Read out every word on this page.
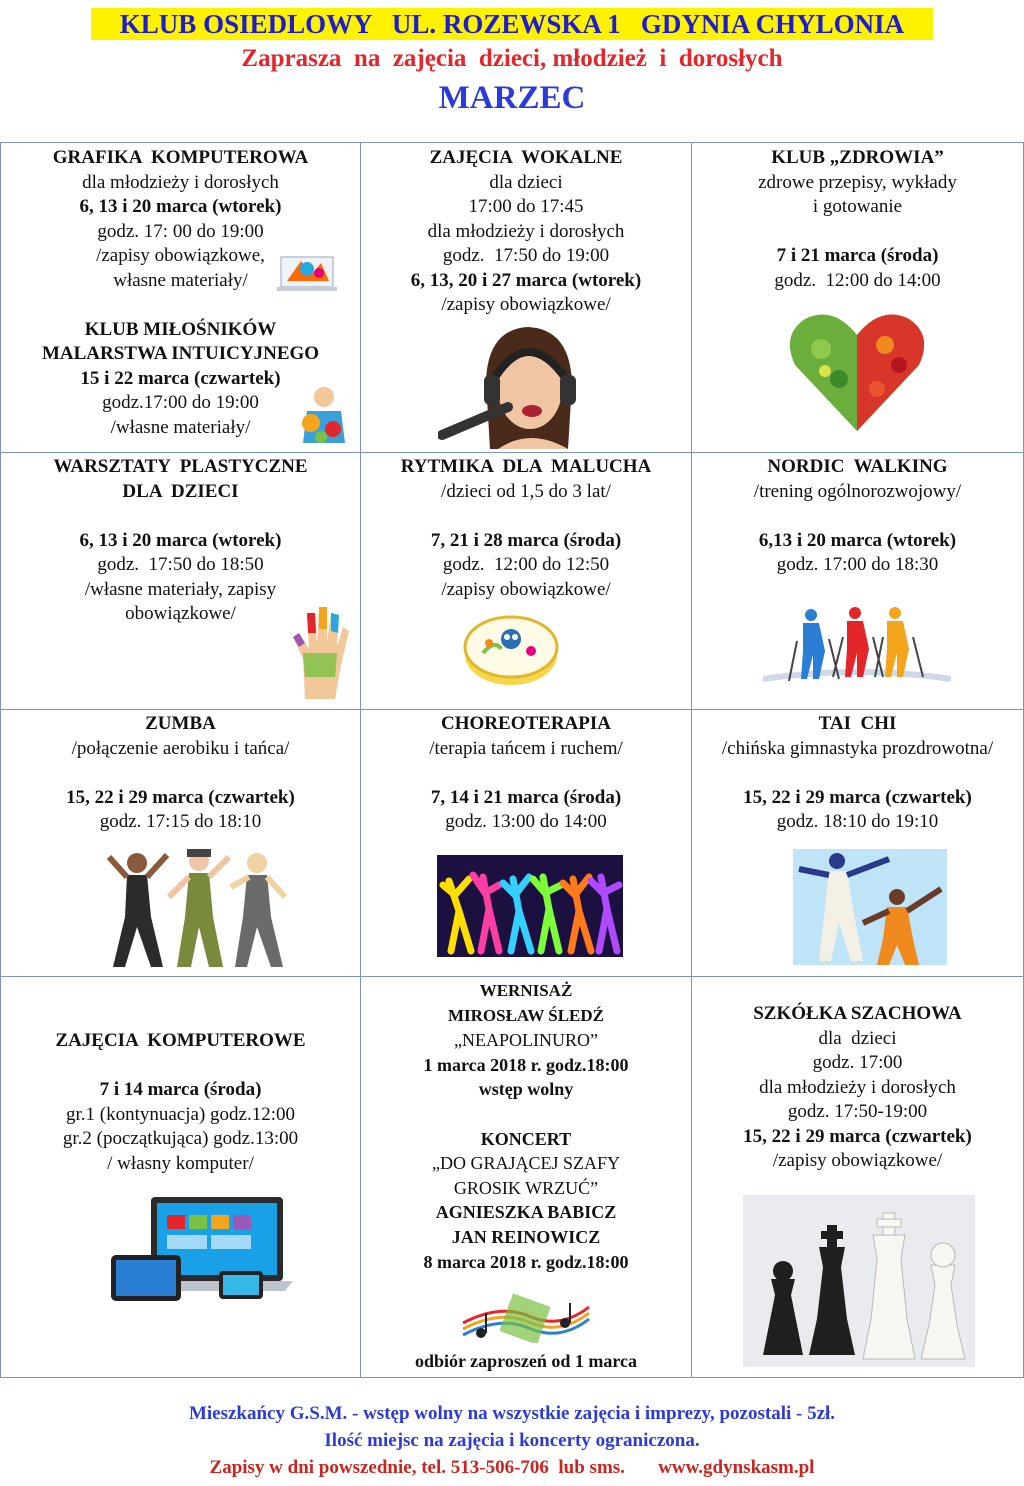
KLUB OSIEDLOWY   UL. ROZEWSKA 1   GDYNIA CHYLONIA
Zaprasza  na  zajęcia  dzieci, młodzież  i  dorosłych
MARZEC
GRAFIKA  KOMPUTEROWA
dla młodzieży i dorosłych
6, 13 i 20 marca (wtorek)
godz. 17: 00 do 19:00
/zapisy obowiązkowe,
własne materiały/

KLUB MIŁOŚNIKÓW
MALARSTWA INTUICYJNEGO
15 i 22 marca (czwartek)
godz.17:00 do 19:00
/własne materiały/
ZAJĘCIA  WOKALNE
dla dzieci
17:00 do 17:45
dla młodzieży i dorosłych
godz.  17:50 do 19:00
6, 13, 20 i 27 marca (wtorek)
/zapisy obowiązkowe/
KLUB „ZDROWIA”
zdrowe przepisy, wykłady
i gotowanie

7 i 21 marca (środa)
godz.  12:00 do 14:00
WARSZTATY  PLASTYCZNE
DLA  DZIECI

6, 13 i 20 marca (wtorek)
godz.  17:50 do 18:50
/własne materiały, zapisy
obowiązkowe/
RYTMIKA  DLA  MALUCHA
/dzieci od 1,5 do 3 lat/

7, 21 i 28 marca (środa)
godz.  12:00 do 12:50
/zapisy obowiązkowe/
NORDIC  WALKING
/trening ogólnorozwojowy/

6,13 i 20 marca (wtorek)
godz. 17:00 do 18:30
ZUMBA
/połączenie aerobiku i tańca/

15, 22 i 29 marca (czwartek)
godz. 17:15 do 18:10
CHOREOTERAPIA
/terapia tańcem i ruchem/

7, 14 i 21 marca (środa)
godz. 13:00 do 14:00
TAI  CHI
/chińska gimnastyka prozdrowotna/

15, 22 i 29 marca (czwartek)
godz. 18:10 do 19:10
ZAJĘCIA  KOMPUTEROWE

7 i 14 marca (środa)
gr.1 (kontynuacja) godz.12:00
gr.2 (początkująca) godz.13:00
/ własny komputer/
WERNISAŻ
MIROSŁAW ŚLEDŹ
„NEAPOLINURO”
1 marca 2018 r. godz.18:00
wstęp wolny

KONCERT
„DO GRAJĄCEJ SZAFY
GROSIK WRZUĆ”
AGNIESZKA BABICZ
JAN REINOWICZ
8 marca 2018 r. godz.18:00
odbiór zaproszeń od 1 marca
SZKÓŁKA SZACHOWA
dla  dzieci
godz. 17:00
dla młodzieży i dorosłych
godz. 17:50-19:00
15, 22 i 29 marca (czwartek)
/zapisy obowiązkowe/
Mieszkańcy G.S.M. - wstęp wolny na wszystkie zajęcia i imprezy, pozostali - 5zł.
Ilość miejsc na zajęcia i koncerty ograniczona.
Zapisy w dni powszednie, tel. 513-506-706  lub sms. www.gdynskasm.pl
